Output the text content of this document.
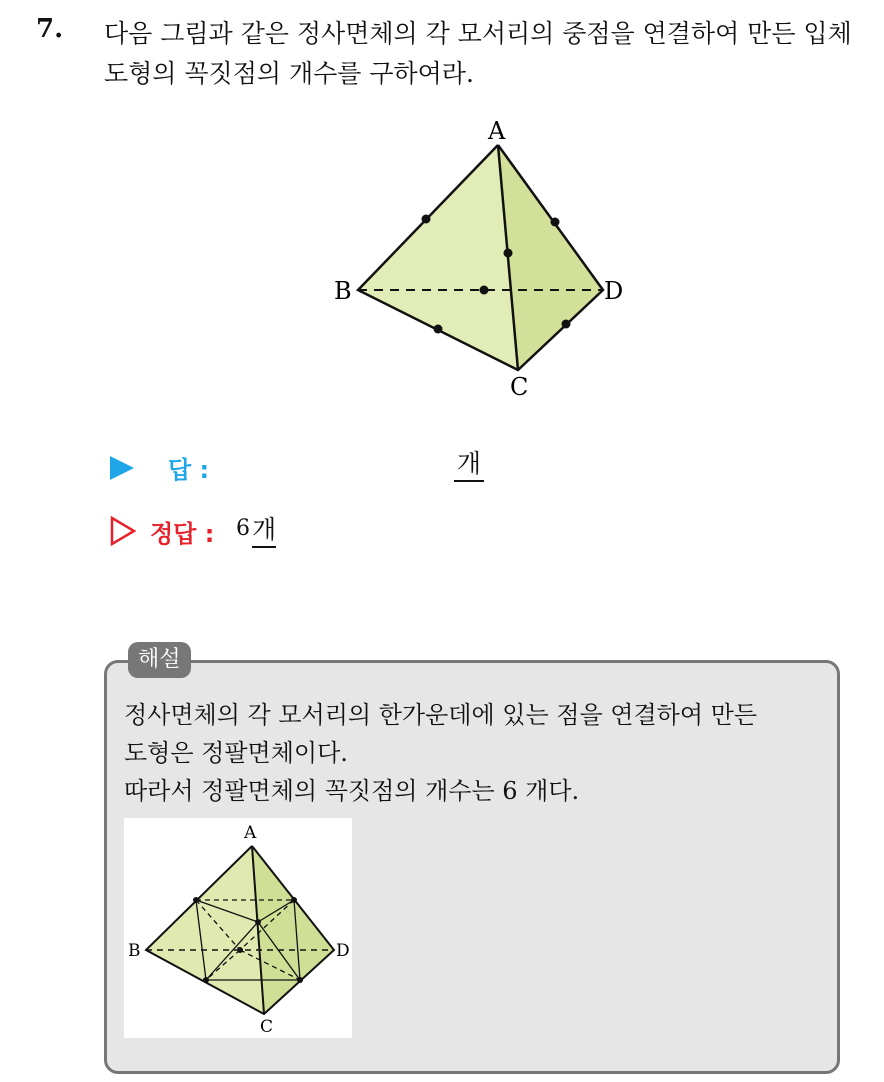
7. 다음 그림과 같은 정사면체의 각 모서리의 중점을 연결하여 만든 입체
도형의 꼭짓점의 개수를 구하여라.
A
B	D
C
답 :	개
정답 : 6 개
해설
정사면체의 각 모서리의 한가운데에 있는 점을 연결하여 만든
도형은 정팔면체이다.
따라서 정팔면체의 꼭짓점의 개수는 6 개다.
A
B	D
C
